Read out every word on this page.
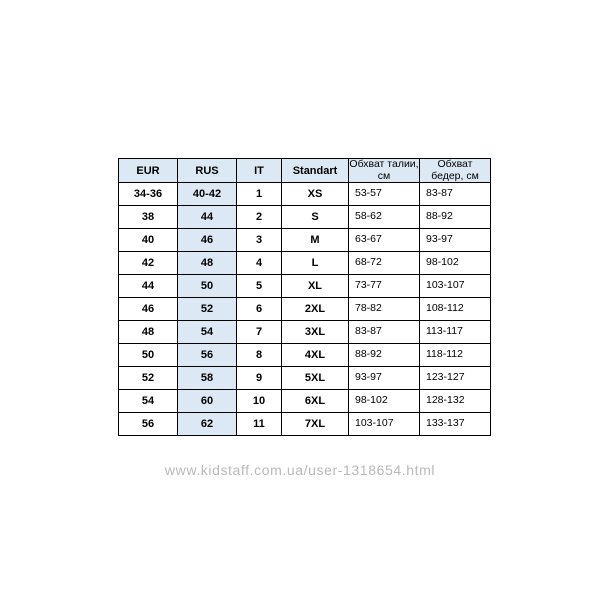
EUR	RUS	IT	Standart	Обхват талии, см	Обхват бедер, см
34-36	40-42	1	XS	53-57	83-87
38	44	2	S	58-62	88-92
40	46	3	M	63-67	93-97
42	48	4	L	68-72	98-102
44	50	5	XL	73-77	103-107
46	52	6	2XL	78-82	108-112
48	54	7	3XL	83-87	113-117
50	56	8	4XL	88-92	118-112
52	58	9	5XL	93-97	123-127
54	60	10	6XL	98-102	128-132
56	62	11	7XL	103-107	133-137
www.kidstaff.com.ua/user-1318654.html
